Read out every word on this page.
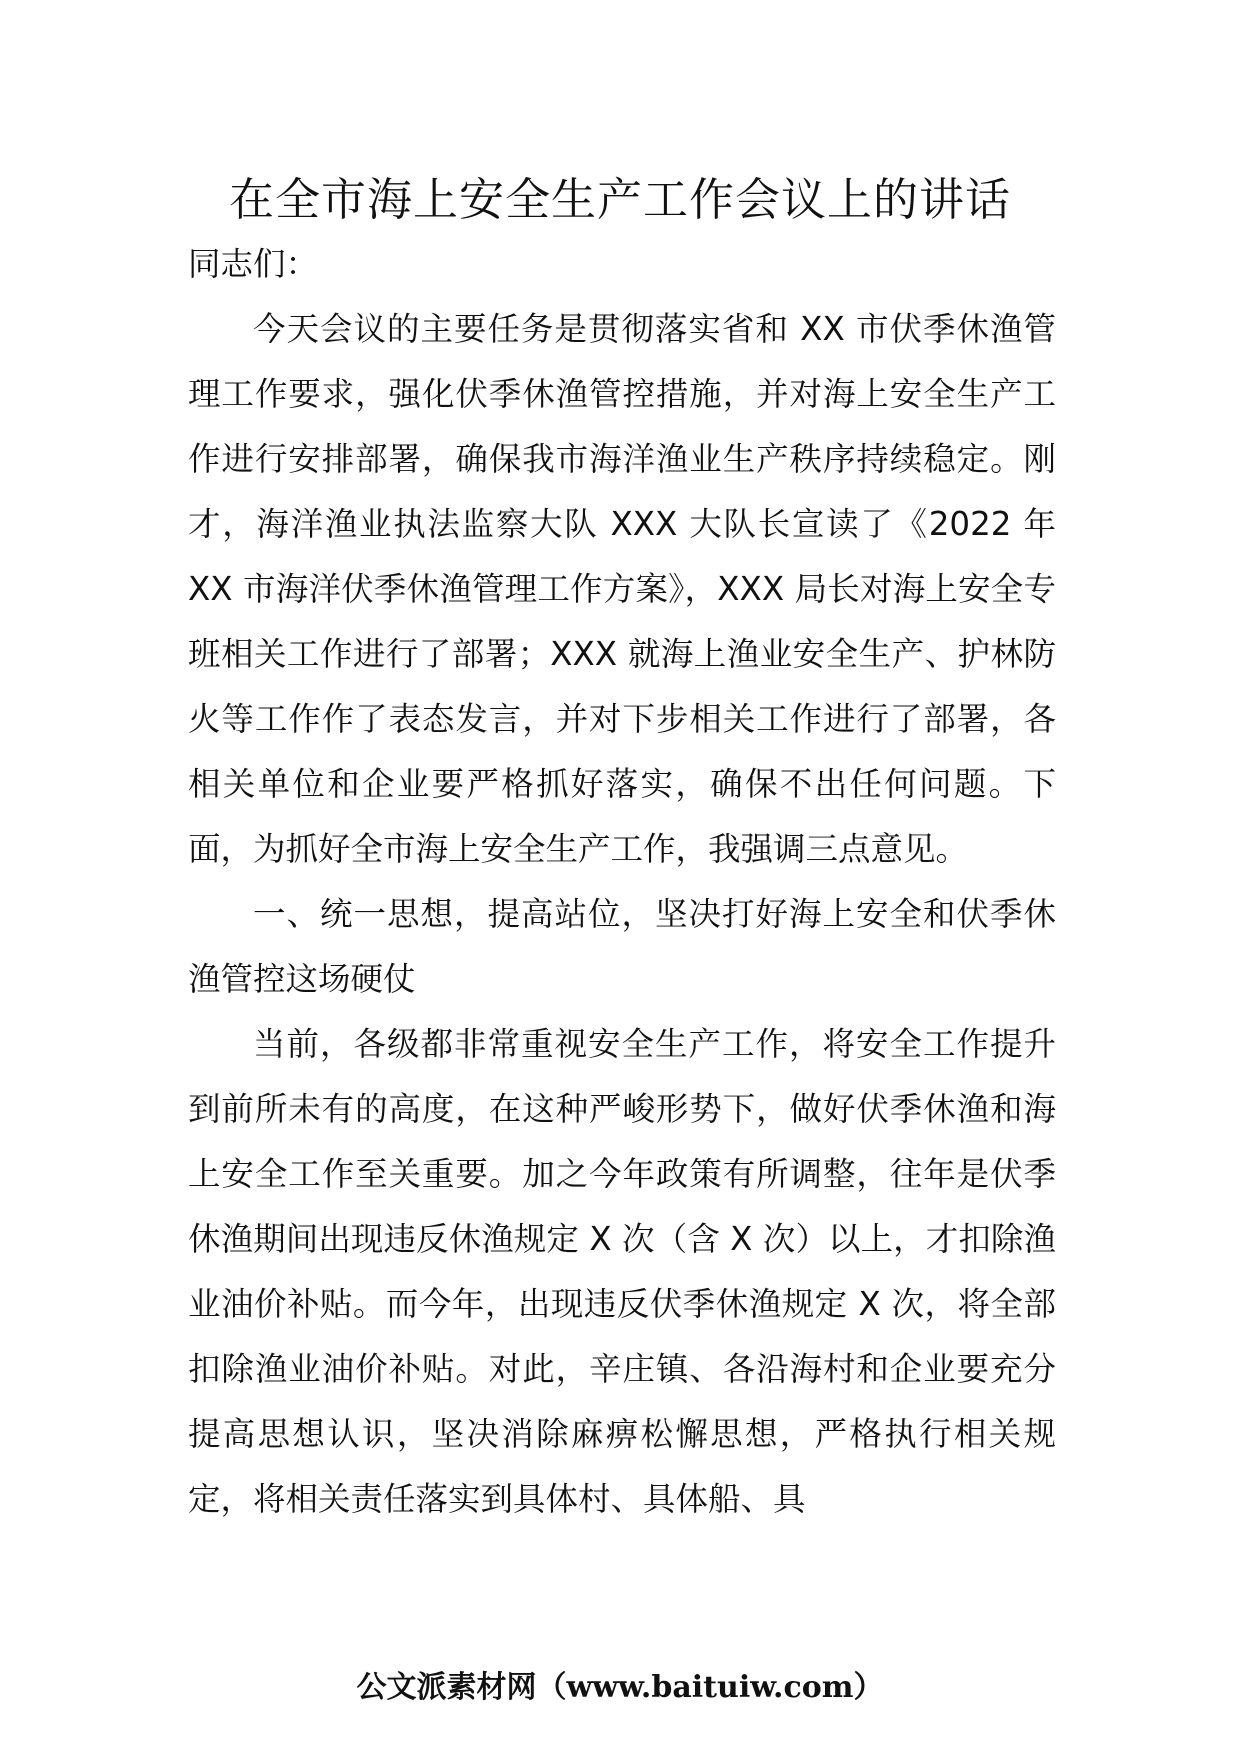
在全市海上安全生产工作会议上的讲话

同志们：

今天会议的主要任务是贯彻落实省和 XX 市伏季休渔管理工作要求，强化伏季休渔管控措施，并对海上安全生产工作进行安排部署，确保我市海洋渔业生产秩序持续稳定。刚才，海洋渔业执法监察大队 XXX 大队长宣读了《2022 年 XX 市海洋伏季休渔管理工作方案》，XXX 局长对海上安全专班相关工作进行了部署；XXX 就海上渔业安全生产、护林防火等工作作了表态发言，并对下步相关工作进行了部署，各相关单位和企业要严格抓好落实，确保不出任何问题。下面，为抓好全市海上安全生产工作，我强调三点意见。

一、统一思想，提高站位，坚决打好海上安全和伏季休渔管控这场硬仗

当前，各级都非常重视安全生产工作，将安全工作提升到前所未有的高度，在这种严峻形势下，做好伏季休渔和海上安全工作至关重要。加之今年政策有所调整，往年是伏季休渔期间出现违反休渔规定 X 次（含 X 次）以上，才扣除渔业油价补贴。而今年，出现违反伏季休渔规定 X 次，将全部扣除渔业油价补贴。对此，辛庄镇、各沿海村和企业要充分提高思想认识，坚决消除麻痹松懈思想，严格执行相关规定，将相关责任落实到具体村、具体船、具

公文派素材网（www.baituiw.com）
